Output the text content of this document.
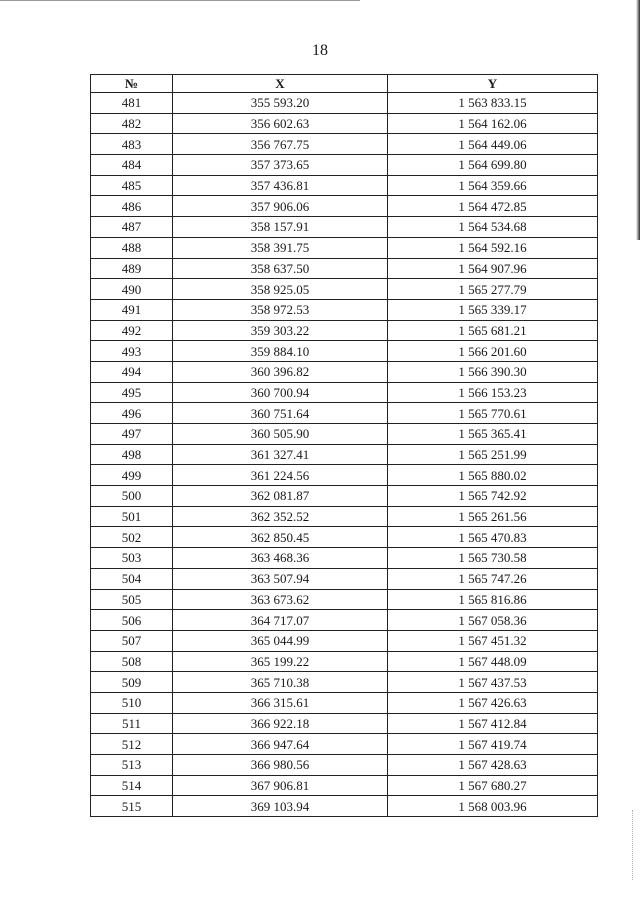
18
№	X	Y
481	355 593.20	1 563 833.15
482	356 602.63	1 564 162.06
483	356 767.75	1 564 449.06
484	357 373.65	1 564 699.80
485	357 436.81	1 564 359.66
486	357 906.06	1 564 472.85
487	358 157.91	1 564 534.68
488	358 391.75	1 564 592.16
489	358 637.50	1 564 907.96
490	358 925.05	1 565 277.79
491	358 972.53	1 565 339.17
492	359 303.22	1 565 681.21
493	359 884.10	1 566 201.60
494	360 396.82	1 566 390.30
495	360 700.94	1 566 153.23
496	360 751.64	1 565 770.61
497	360 505.90	1 565 365.41
498	361 327.41	1 565 251.99
499	361 224.56	1 565 880.02
500	362 081.87	1 565 742.92
501	362 352.52	1 565 261.56
502	362 850.45	1 565 470.83
503	363 468.36	1 565 730.58
504	363 507.94	1 565 747.26
505	363 673.62	1 565 816.86
506	364 717.07	1 567 058.36
507	365 044.99	1 567 451.32
508	365 199.22	1 567 448.09
509	365 710.38	1 567 437.53
510	366 315.61	1 567 426.63
511	366 922.18	1 567 412.84
512	366 947.64	1 567 419.74
513	366 980.56	1 567 428.63
514	367 906.81	1 567 680.27
515	369 103.94	1 568 003.96
